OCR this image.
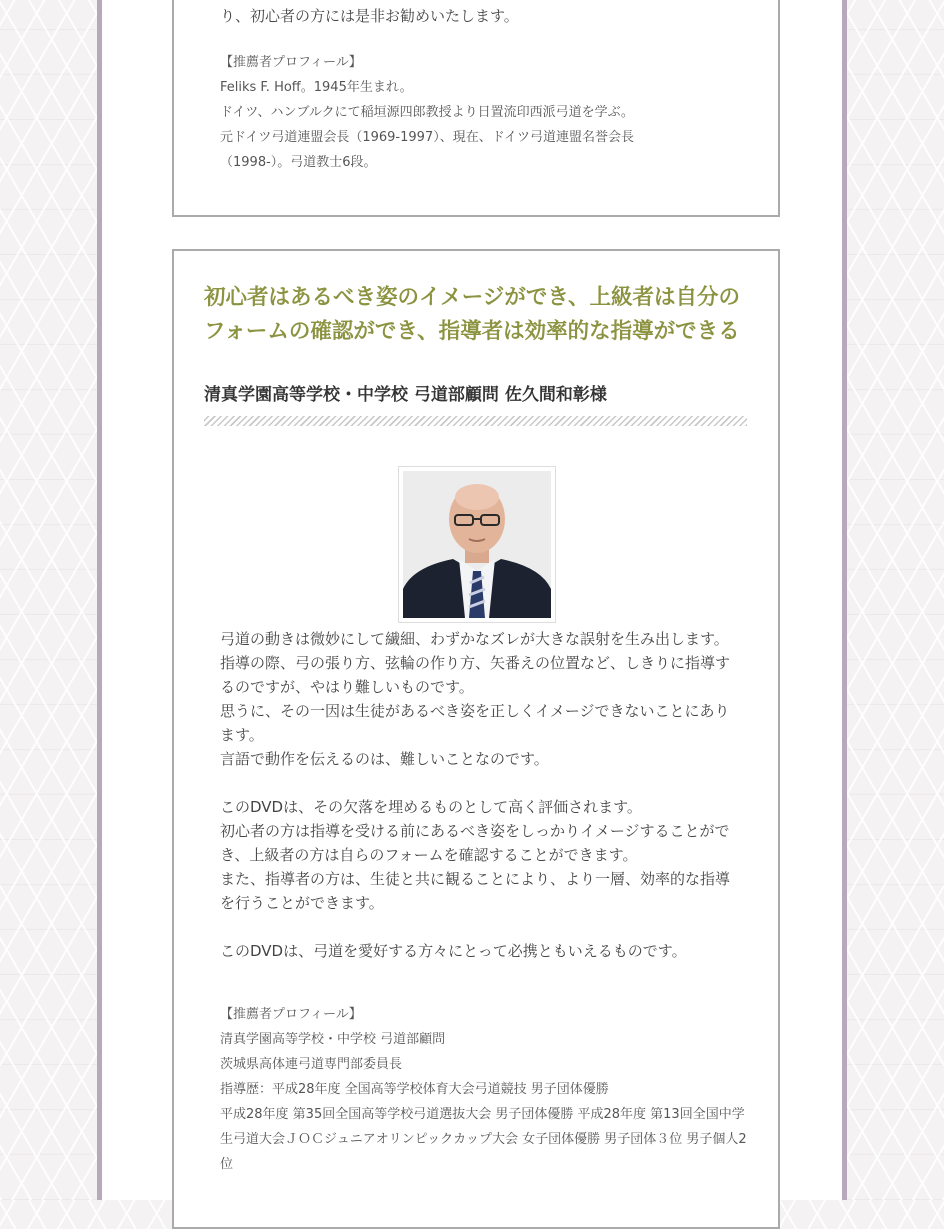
り、初心者の方には是非お勧めいたします。
【推薦者プロフィール】
Feliks F. Hoff。1945年生まれ。
ドイツ、ハンブルクにて稲垣源四郎教授より日置流印西派弓道を学ぶ。
元ドイツ弓道連盟会長（1969-1997）、現在、ドイツ弓道連盟名誉会長
（1998-）。弓道教士6段。
初心者はあるべき姿のイメージができ、上級者は自分のフォームの確認ができ、指導者は効率的な指導ができる
清真学園高等学校・中学校 弓道部顧問 佐久間和彰様

弓道の動きは微妙にして繊細、わずかなズレが大きな誤射を生み出します。
指導の際、弓の張り方、弦輪の作り方、矢番えの位置など、しきりに指導するのですが、やはり難しいものです。
思うに、その一因は生徒があるべき姿を正しくイメージできないことにあります。
言語で動作を伝えるのは、難しいことなのです。

このDVDは、その欠落を埋めるものとして高く評価されます。
初心者の方は指導を受ける前にあるべき姿をしっかりイメージすることができ、上級者の方は自らのフォームを確認することができます。
また、指導者の方は、生徒と共に観ることにより、より一層、効率的な指導を行うことができます。

このDVDは、弓道を愛好する方々にとって必携ともいえるものです。

【推薦者プロフィール】
清真学園高等学校・中学校 弓道部顧問
茨城県高体連弓道専門部委員長
指導歴：平成28年度 全国高等学校体育大会弓道競技 男子団体優勝
平成28年度 第35回全国高等学校弓道選抜大会 男子団体優勝 平成28年度 第13回全国中学生弓道大会ＪＯＣジュニアオリンピックカップ大会 女子団体優勝 男子団体３位 男子個人2位
